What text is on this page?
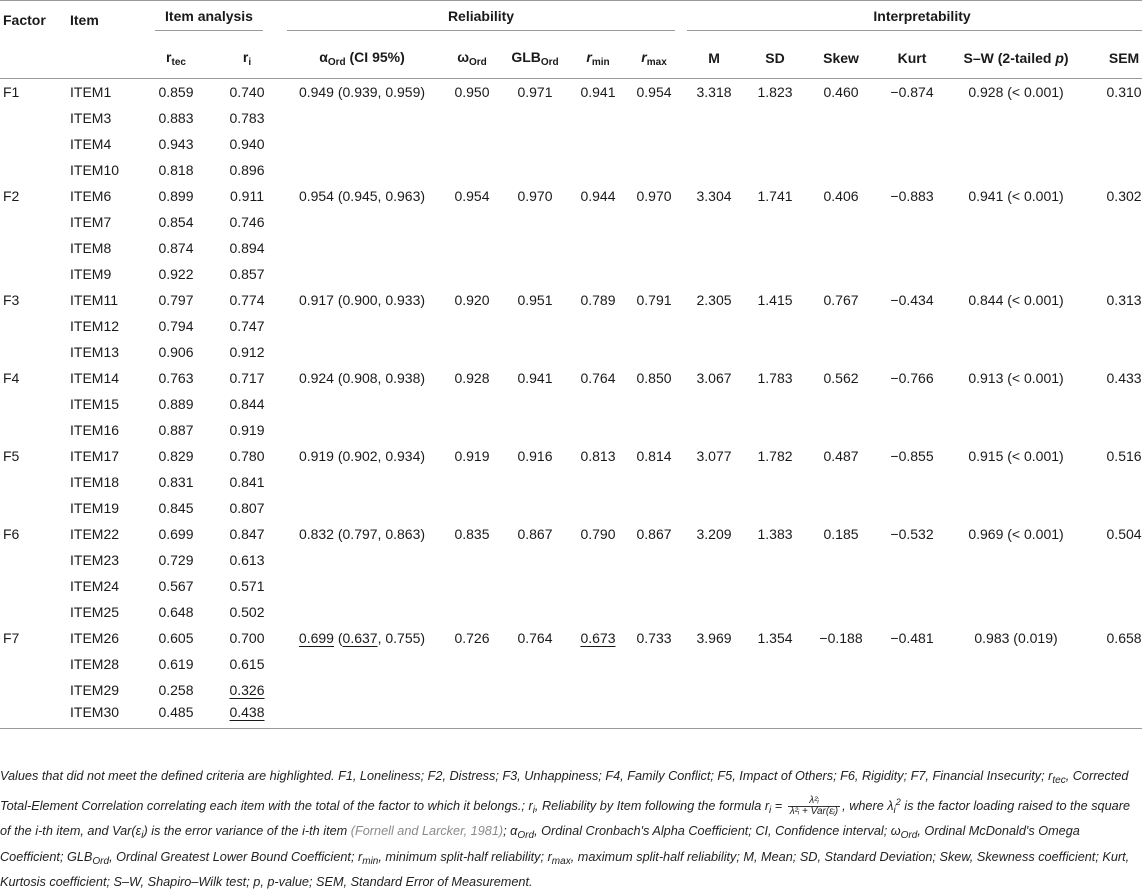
Factor	Item	Item analysis		Reliability					Interpretability					
		$r_{tec}$	$r_i$	$\alpha_{Ord}$ (CI 95%)	$\omega_{Ord}$	$GLB_{Ord}$	$r_{min}$	$r_{max}$	M	SD	Skew	Kurt	S–W (2-tailed p)	SEM
F1	ITEM1	0.859	0.740	0.949 (0.939, 0.959)	0.950	0.971	0.941	0.954	3.318	1.823	0.460	−0.874	0.928 (< 0.001)	0.310
	ITEM3	0.883	0.783											
	ITEM4	0.943	0.940											
	ITEM10	0.818	0.896											
F2	ITEM6	0.899	0.911	0.954 (0.945, 0.963)	0.954	0.970	0.944	0.970	3.304	1.741	0.406	−0.883	0.941 (< 0.001)	0.302
	ITEM7	0.854	0.746											
	ITEM8	0.874	0.894											
	ITEM9	0.922	0.857											
F3	ITEM11	0.797	0.774	0.917 (0.900, 0.933)	0.920	0.951	0.789	0.791	2.305	1.415	0.767	−0.434	0.844 (< 0.001)	0.313
	ITEM12	0.794	0.747											
	ITEM13	0.906	0.912											
F4	ITEM14	0.763	0.717	0.924 (0.908, 0.938)	0.928	0.941	0.764	0.850	3.067	1.783	0.562	−0.766	0.913 (< 0.001)	0.433
	ITEM15	0.889	0.844											
	ITEM16	0.887	0.919											
F5	ITEM17	0.829	0.780	0.919 (0.902, 0.934)	0.919	0.916	0.813	0.814	3.077	1.782	0.487	−0.855	0.915 (< 0.001)	0.516
	ITEM18	0.831	0.841											
	ITEM19	0.845	0.807											
F6	ITEM22	0.699	0.847	0.832 (0.797, 0.863)	0.835	0.867	0.790	0.867	3.209	1.383	0.185	−0.532	0.969 (< 0.001)	0.504
	ITEM23	0.729	0.613											
	ITEM24	0.567	0.571											
	ITEM25	0.648	0.502											
F7	ITEM26	0.605	0.700	0.699 (0.637, 0.755)	0.726	0.764	0.673	0.733	3.969	1.354	−0.188	−0.481	0.983 (0.019)	0.658
	ITEM28	0.619	0.615											
	ITEM29	0.258	0.326											
	ITEM30	0.485	0.438											
Values that did not meet the defined criteria are highlighted. F1, Loneliness; F2, Distress; F3, Unhappiness; F4, Family Conflict; F5, Impact of Others; F6, Rigidity; F7, Financial Insecurity; $r_{tec}$, Corrected Total-Element Correlation correlating each item with the total of the factor to which it belongs.; $r_i$, Reliability by Item following the formula $r_i = \frac{\text{λ²ᵢ}}{\text{λ²ᵢ + Var(εᵢ)}}$ , where $\lambda_i^2$ is the factor loading raised to the square of the i-th item, and $Var(\varepsilon_i)$ is the error variance of the i-th item (Fornell and Larcker, 1981); $\alpha_{Ord}$, Ordinal Cronbach's Alpha Coefficient; CI, Confidence interval; $\omega_{Ord}$, Ordinal McDonald's Omega Coefficient; $GLB_{Ord}$, Ordinal Greatest Lower Bound Coefficient; $r_{min}$, minimum split-half reliability; $r_{max}$, maximum split-half reliability; M, Mean; SD, Standard Deviation; Skew, Skewness coefficient; Kurt, Kurtosis coefficient; S–W, Shapiro–Wilk test; p, p-value; SEM, Standard Error of Measurement.
